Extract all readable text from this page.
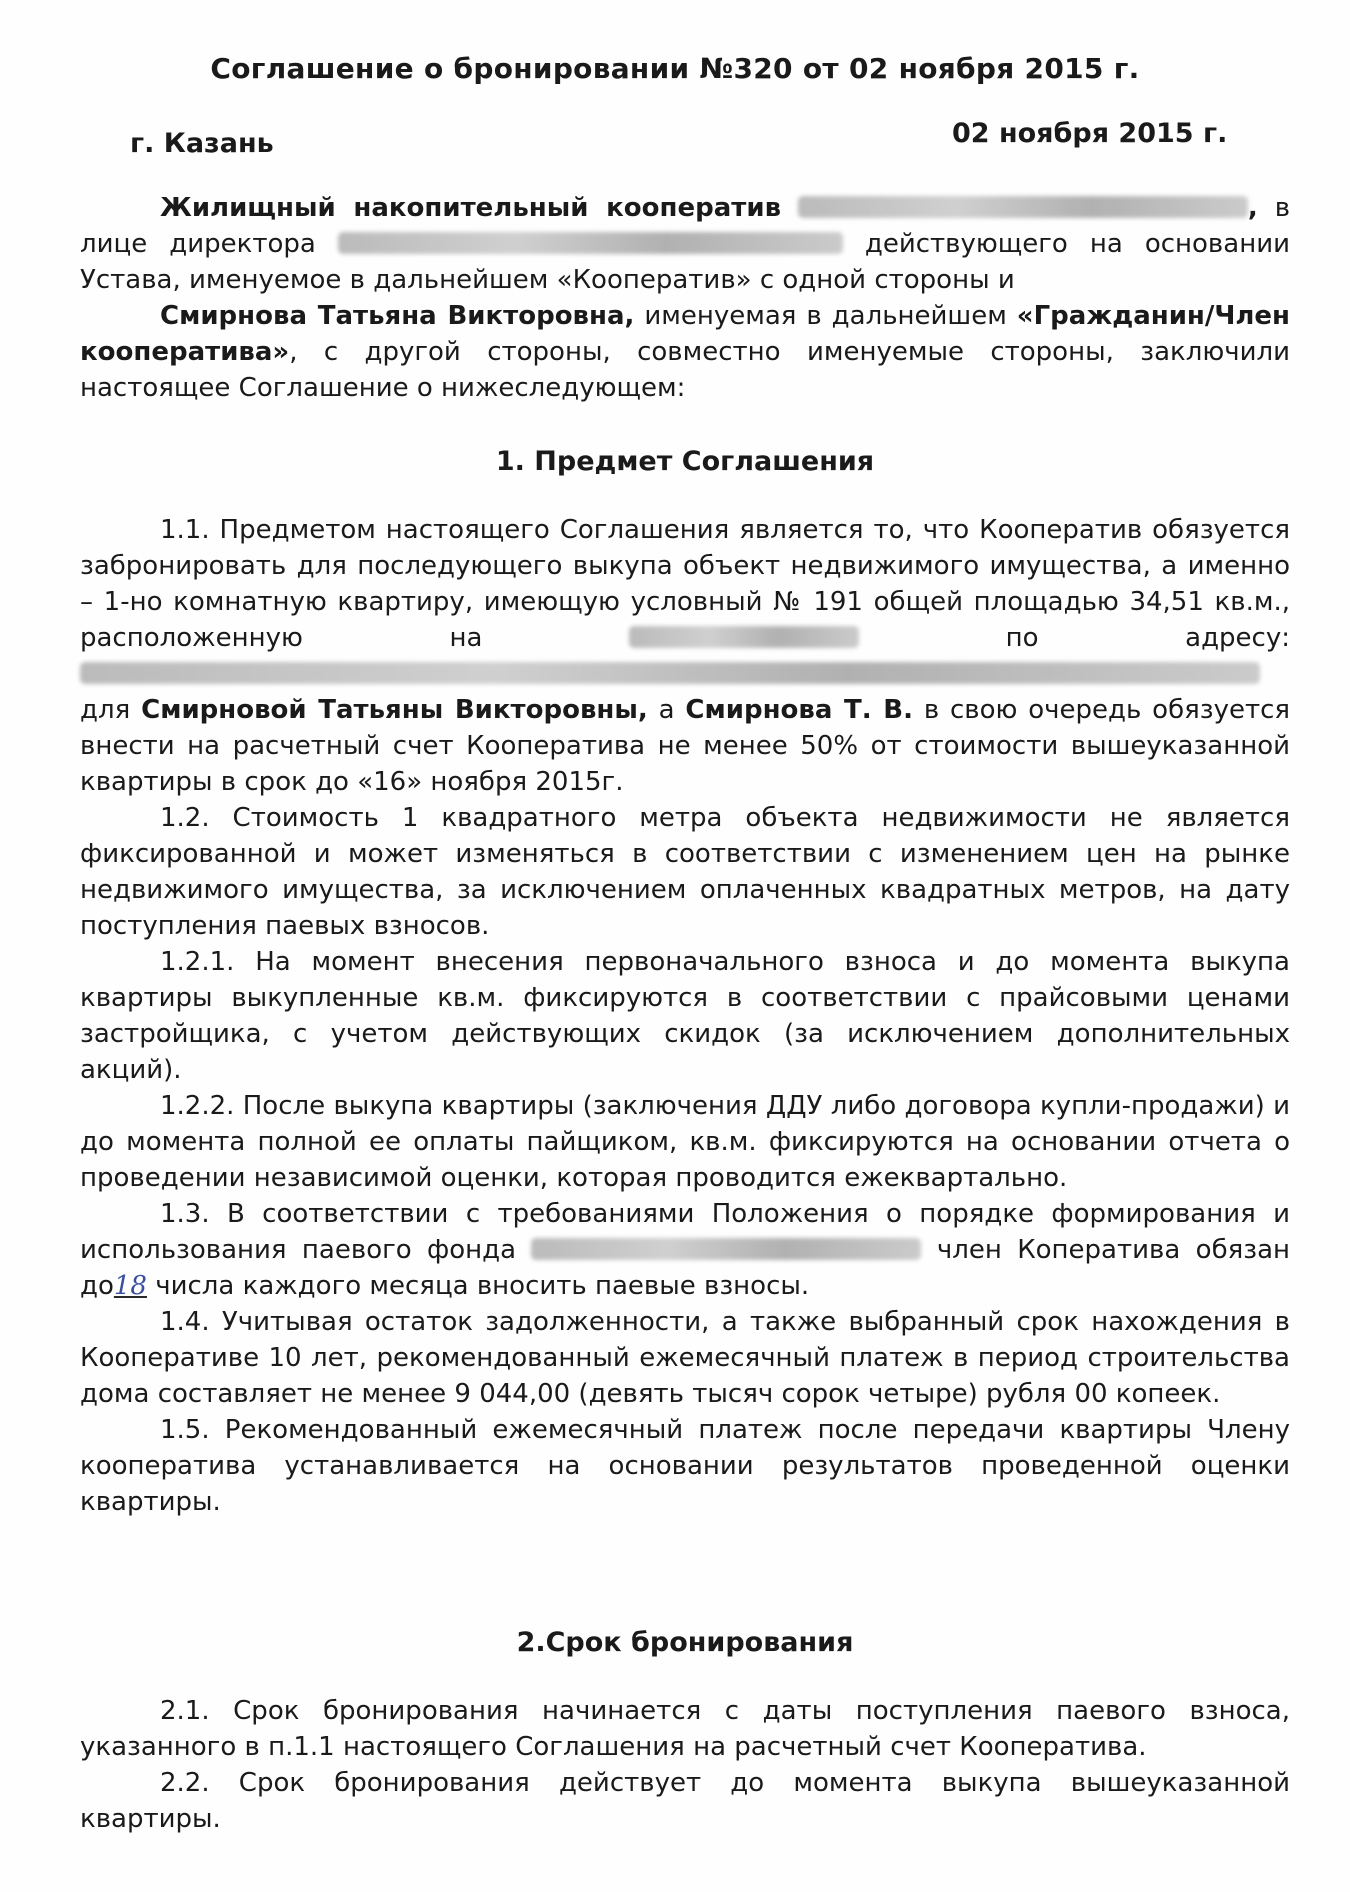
Соглашение о бронировании №320 от 02 ноября 2015 г.
г. Казань	02 ноября 2015 г.

Жилищный накопительный кооператив	, в лице директора	действующего на основании Устава, именуемое в дальнейшем «Кооператив» с одной стороны и

Смирнова Татьяна Викторовна, именуемая в дальнейшем «Гражданин/Член кооператива», с другой стороны, совместно именуемые стороны, заключили настоящее Соглашение о нижеследующем:

1. Предмет Соглашения

1.1. Предметом настоящего Соглашения является то, что Кооператив обязуется забронировать для последующего выкупа объект недвижимого имущества, а именно – 1-но комнатную квартиру, имеющую условный № 191 общей площадью 34,51 кв.м., расположенную на	по адресу:  для Смирновой Татьяны Викторовны, а Смирнова Т. В. в свою очередь обязуется внести на расчетный счет Кооператива не менее 50% от стоимости вышеуказанной квартиры в срок до «16» ноября 2015г.

1.2. Стоимость 1 квадратного метра объекта недвижимости не является фиксированной и может изменяться в соответствии с изменением цен на рынке недвижимого имущества, за исключением оплаченных квадратных метров, на дату поступления паевых взносов.

1.2.1. На момент внесения первоначального взноса и до момента выкупа квартиры выкупленные кв.м. фиксируются в соответствии с прайсовыми ценами застройщика, с учетом действующих скидок (за исключением дополнительных акций).

1.2.2. После выкупа квартиры (заключения ДДУ либо договора купли-продажи) и до момента полной ее оплаты пайщиком, кв.м. фиксируются на основании отчета о проведении независимой оценки, которая проводится ежеквартально.

1.3. В соответствии с требованиями Положения о порядке формирования и использования паевого фонда	член Копeратива обязан до18 числа каждого месяца вносить паевые взносы.

1.4. Учитывая остаток задолженности, а также выбранный срок нахождения в Кооперативе 10 лет, рекомендованный ежемесячный платеж в период строительства дома составляет не менее 9 044,00 (девять тысяч сорок четыре) рубля 00 копеек.

1.5. Рекомендованный ежемесячный платеж после передачи квартиры Члену кооператива устанавливается на основании результатов проведенной оценки квартиры.

2.Срок бронирования

2.1. Срок бронирования начинается с даты поступления паевого взноса, указанного в п.1.1 настоящего Соглашения на расчетный счет Кооператива.

2.2. Срок бронирования действует до момента выкупа вышеуказанной квартиры.
